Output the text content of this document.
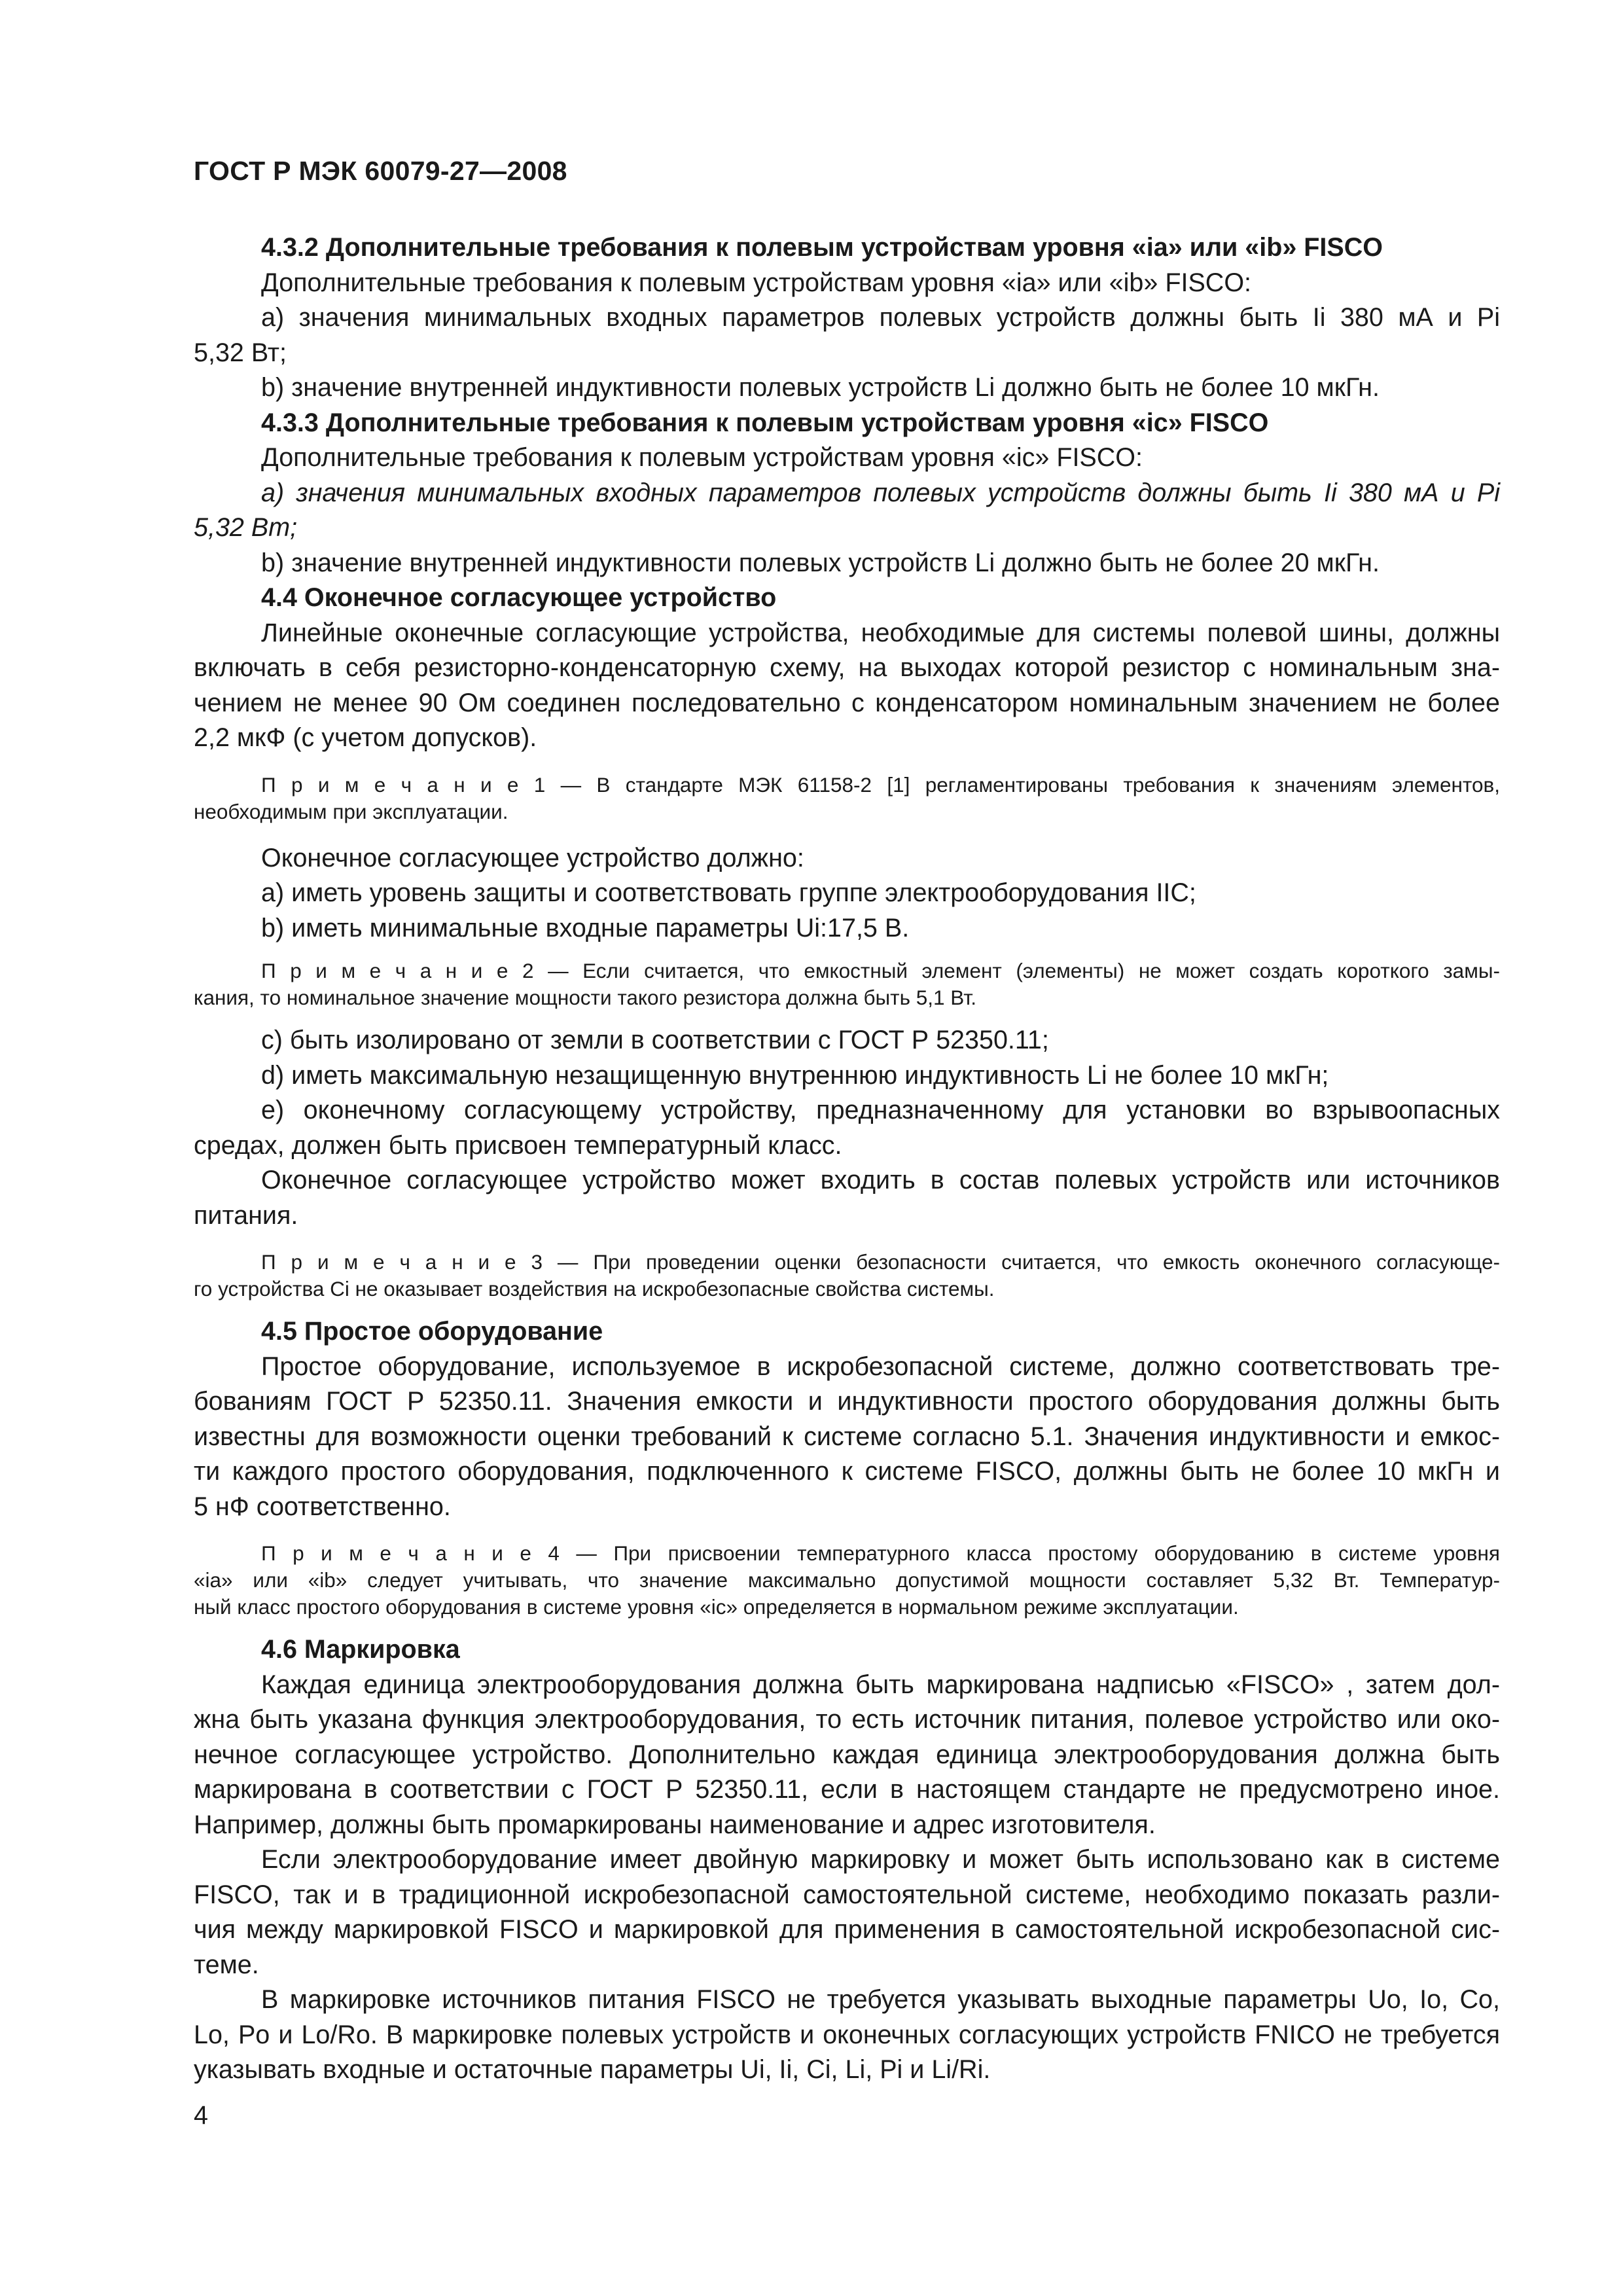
ГОСТ Р МЭК 60079-27—2008
4.3.2 Дополнительные требования к полевым устройствам уровня «ia» или «ib» FISCO
Дополнительные требования к полевым устройствам уровня «ia» или «ib» FISCO:
a) значения минимальных входных параметров полевых устройств должны быть Ii 380 мА и Pi
5,32 Вт;
b) значение внутренней индуктивности полевых устройств Li должно быть не более 10 мкГн.
4.3.3 Дополнительные требования к полевым устройствам уровня «ic» FISCO
Дополнительные требования к полевым устройствам уровня «ic» FISCO:
a) значения минимальных входных параметров полевых устройств должны быть Ii 380 мА и Pi
5,32 Вт;
b) значение внутренней индуктивности полевых устройств Li должно быть не более 20 мкГн.
4.4 Оконечное согласующее устройство
Линейные оконечные согласующие устройства, необходимые для системы полевой шины, должны
включать в себя резисторно-конденсаторную схему, на выходах которой резистор с номинальным зна-
чением не менее 90 Ом соединен последовательно с конденсатором номинальным значением не более
2,2 мкФ (с учетом допусков).
П р и м е ч а н и е 1 — В стандарте МЭК 61158-2 [1] регламентированы требования к значениям элементов,
необходимым при эксплуатации.
Оконечное согласующее устройство должно:
a) иметь уровень защиты и соответствовать группе электрооборудования IIC;
b) иметь минимальные входные параметры Ui:17,5 В.
П р и м е ч а н и е 2 — Если считается, что емкостный элемент (элементы) не может создать короткого замы-
кания, то номинальное значение мощности такого резистора должна быть 5,1 Вт.
c) быть изолировано от земли в соответствии с ГОСТ Р 52350.11;
d) иметь максимальную незащищенную внутреннюю индуктивность Li не более 10 мкГн;
e) оконечному согласующему устройству, предназначенному для установки во взрывоопасных
средах, должен быть присвоен температурный класс.
Оконечное согласующее устройство может входить в состав полевых устройств или источников
питания.
П р и м е ч а н и е 3 — При проведении оценки безопасности считается, что емкость оконечного согласующе-
го устройства Ci не оказывает воздействия на искробезопасные свойства системы.
4.5 Простое оборудование
Простое оборудование, используемое в искробезопасной системе, должно соответствовать тре-
бованиям ГОСТ Р 52350.11. Значения емкости и индуктивности простого оборудования должны быть
известны для возможности оценки требований к системе согласно 5.1. Значения индуктивности и емкос-
ти каждого простого оборудования, подключенного к системе FISCO, должны быть не более 10 мкГн и
5 нФ соответственно.
П р и м е ч а н и е 4 — При присвоении температурного класса простому оборудованию в системе уровня
«ia» или «ib» следует учитывать, что значение максимально допустимой мощности составляет 5,32 Вт. Температур-
ный класс простого оборудования в системе уровня «ic» определяется в нормальном режиме эксплуатации.
4.6 Маркировка
Каждая единица электрооборудования должна быть маркирована надписью «FISCO» , затем дол-
жна быть указана функция электрооборудования, то есть источник питания, полевое устройство или око-
нечное согласующее устройство. Дополнительно каждая единица электрооборудования должна быть
маркирована в соответствии с ГОСТ Р 52350.11, если в настоящем стандарте не предусмотрено иное.
Например, должны быть промаркированы наименование и адрес изготовителя.
Если электрооборудование имеет двойную маркировку и может быть использовано как в системе
FISCO, так и в традиционной искробезопасной самостоятельной системе, необходимо показать разли-
чия между маркировкой FISCO и маркировкой для применения в самостоятельной искробезопасной сис-
теме.
В маркировке источников питания FISCO не требуется указывать выходные параметры Uo, Io, Co,
Lo, Po и Lo/Ro. В маркировке полевых устройств и оконечных согласующих устройств FNICO не требуется
указывать входные и остаточные параметры Ui, Ii, Ci, Li, Pi и Li/Ri.
4
